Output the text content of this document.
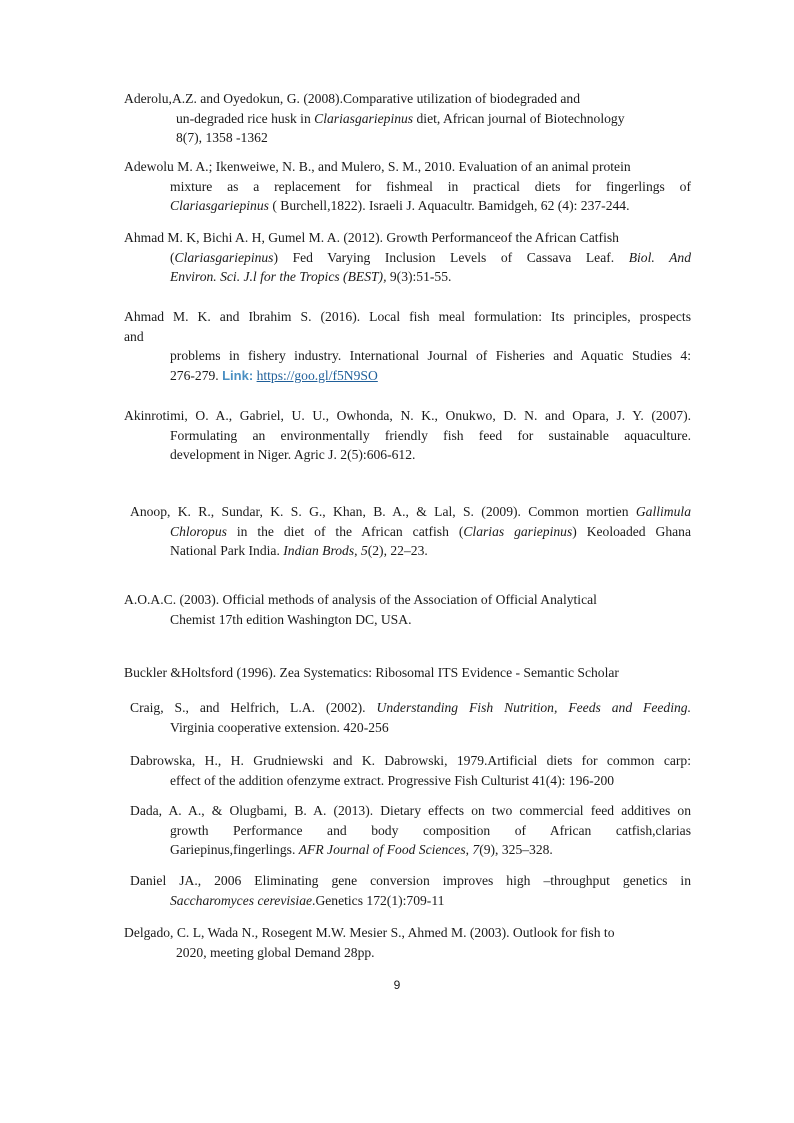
Aderolu,A.Z. and Oyedokun, G. (2008).Comparative utilization of biodegraded and
un-degraded rice husk in Clariasgariepinus diet, African journal of Biotechnology
8(7), 1358 -1362
Adewolu M. A.; Ikenweiwe, N. B., and Mulero, S. M., 2010. Evaluation of an animal protein
mixture as a replacement for fishmeal in practical diets for fingerlings of
Clariasgariepinus ( Burchell,1822). Israeli J. Aquacultr. Bamidgeh, 62 (4): 237-244.
Ahmad M. K, Bichi A. H, Gumel M. A. (2012). Growth Performanceof the African Catfish
(Clariasgariepinus) Fed Varying Inclusion Levels of Cassava Leaf. Biol. And
Environ. Sci. J.l for the Tropics (BEST), 9(3):51-55.
Ahmad M. K. and Ibrahim S. (2016). Local fish meal formulation: Its principles, prospects
and
problems in fishery industry. International Journal of Fisheries and Aquatic Studies 4:
276-279. Link: https://goo.gl/f5N9SO
Akinrotimi, O. A., Gabriel, U. U., Owhonda, N. K., Onukwo, D. N. and Opara, J. Y. (2007).
Formulating an environmentally friendly fish feed for sustainable aquaculture.
development in Niger. Agric J. 2(5):606-612.
Anoop, K. R., Sundar, K. S. G., Khan, B. A., & Lal, S. (2009). Common mortien Gallimula
Chloropus in the diet of the African catfish (Clarias gariepinus) Keoloaded Ghana
National Park India. Indian Brods, 5(2), 22–23.
A.O.A.C. (2003). Official methods of analysis of the Association of Official Analytical
Chemist 17th edition Washington DC, USA.
Buckler &Holtsford (1996). Zea Systematics: Ribosomal ITS Evidence - Semantic Scholar
Craig, S., and Helfrich, L.A. (2002). Understanding Fish Nutrition, Feeds and Feeding.
Virginia cooperative extension. 420-256
Dabrowska, H., H. Grudniewski and K. Dabrowski, 1979.Artificial diets for common carp:
effect of the addition ofenzyme extract. Progressive Fish Culturist 41(4): 196-200
Dada, A. A., & Olugbami, B. A. (2013). Dietary effects on two commercial feed additives on
growth Performance and body composition of African catfish,clarias
Gariepinus,fingerlings. AFR Journal of Food Sciences, 7(9), 325–328.
Daniel JA., 2006 Eliminating gene conversion improves high –throughput genetics in
Saccharomyces cerevisiae.Genetics 172(1):709-11
Delgado, C. L, Wada N., Rosegent M.W. Mesier S., Ahmed M. (2003). Outlook for fish to
2020, meeting global Demand 28pp.
9
